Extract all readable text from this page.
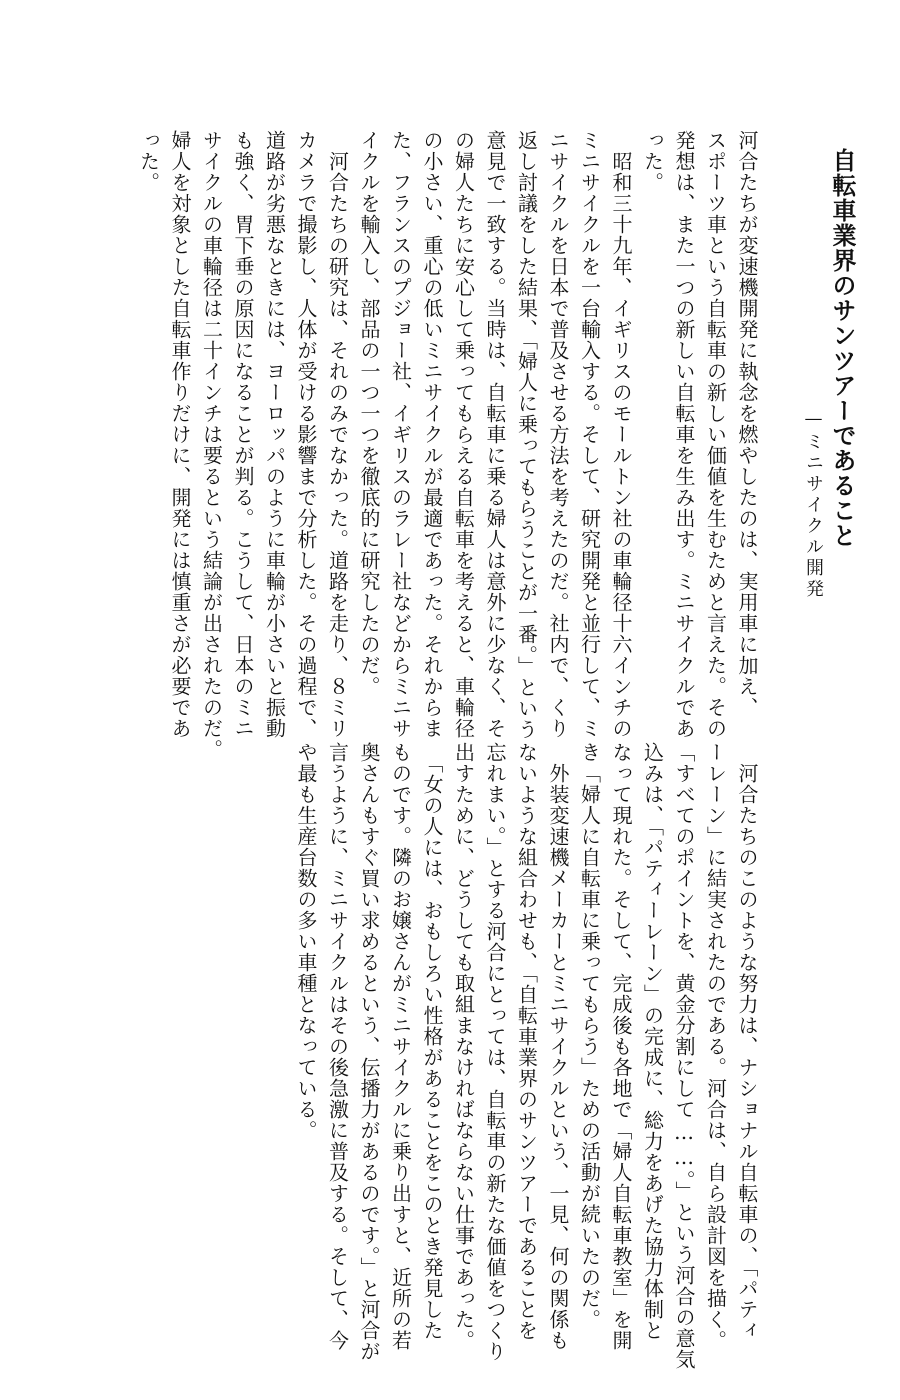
自転車業界のサンツアーであること
—ミニサイクル開発

河合たちが変速機開発に執念を燃やしたのは、実用車に加え、
スポーツ車という自転車の新しい価値を生むためと言えた。その
発想は、また一つの新しい自転車を生み出す。ミニサイクルであ
った。
　昭和三十九年、イギリスのモールトン社の車輪径十六インチの
ミニサイクルを一台輸入する。そして、研究開発と並行して、ミ
ニサイクルを日本で普及させる方法を考えたのだ。社内で、くり
返し討議をした結果、「婦人に乗ってもらうことが一番。」という
意見で一致する。当時は、自転車に乗る婦人は意外に少なく、そ
の婦人たちに安心して乗ってもらえる自転車を考えると、車輪径
の小さい、重心の低いミニサイクルが最適であった。それからま
た、フランスのプジョー社、イギリスのラレー社などからミニサ
イクルを輸入し、部品の一つ一つを徹底的に研究したのだ。
　河合たちの研究は、それのみでなかった。道路を走り、８ミリ
カメラで撮影し、人体が受ける影響まで分析した。その過程で、
道路が劣悪なときには、ヨーロッパのように車輪が小さいと振動
も強く、胃下垂の原因になることが判る。こうして、日本のミニ
サイクルの車輪径は二十インチは要るという結論が出されたのだ。
婦人を対象とした自転車作りだけに、開発には慎重さが必要であ
った。

　河合たちのこのような努力は、ナショナル自転車の、「パティ
ーレーン」に結実されたのである。河合は、自ら設計図を描く。
「すべてのポイントを、黄金分割にして……。」という河合の意気
込みは、「パティーレーン」の完成に、総力をあげた協力体制と
なって現れた。そして、完成後も各地で「婦人自転車教室」を開
き「婦人に自転車に乗ってもらう」ための活動が続いたのだ。
　外装変速機メーカーとミニサイクルという、一見、何の関係も
ないような組合わせも、「自転車業界のサンツアーであることを
忘れまい。」とする河合にとっては、自転車の新たな価値をつくり
出すために、どうしても取組まなければならない仕事であった。
　「女の人には、おもしろい性格があることをこのとき発見した
ものです。隣のお嬢さんがミニサイクルに乗り出すと、近所の若
奥さんもすぐ買い求めるという、伝播力があるのです。」と河合が
言うように、ミニサイクルはその後急激に普及する。そして、今
や最も生産台数の多い車種となっている。
